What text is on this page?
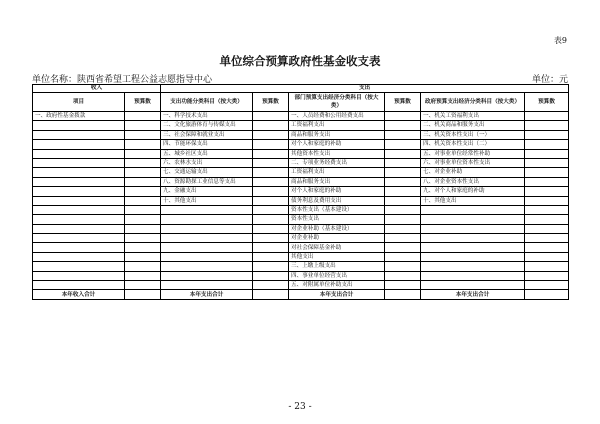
表9
单位综合预算政府性基金收支表
单位名称：陕西省希望工程公益志愿指导中心	单位：元
收入		支出					
项目	预算数	支出功能分类科目（按大类）	预算数	部门预算支出经济分类科目（按大类）	预算数	政府预算支出经济分类科目（按大类）	预算数
一、政府性基金拨款		一、科学技术支出		一、人员经费和公用经费支出		一、机关工资福利支出	
		二、文化旅游体育与传媒支出		工资福利支出		二、机关商品和服务支出	
		三、社会保障和就业支出		商品和服务支出		三、机关资本性支出（一）	
		四、节能环保支出		对个人和家庭的补助		四、机关资本性支出（二）	
		五、城乡社区支出		其他资本性支出		五、对事业单位经常性补助	
		六、农林水支出		二、专项业务经费支出		六、对事业单位资本性支出	
		七、交通运输支出		工资福利支出		七、对企业补助	
		八、资源勘探工业信息等支出		商品和服务支出		八、对企业资本性支出	
		九、金融支出		对个人和家庭的补助		九、对个人和家庭的补助	
		十、其他支出		债务利息及费用支出		十、其他支出	
				资本性支出（基本建设）			
				资本性支出			
				对企业补助（基本建设）			
				对企业补助			
				对社会保障基金补助			
				其他支出			
				三、上缴上级支出			
				四、事业单位经营支出			
				五、对附属单位补助支出			
本年收入合计		本年支出合计		本年支出合计		本年支出合计	
- 23 -
